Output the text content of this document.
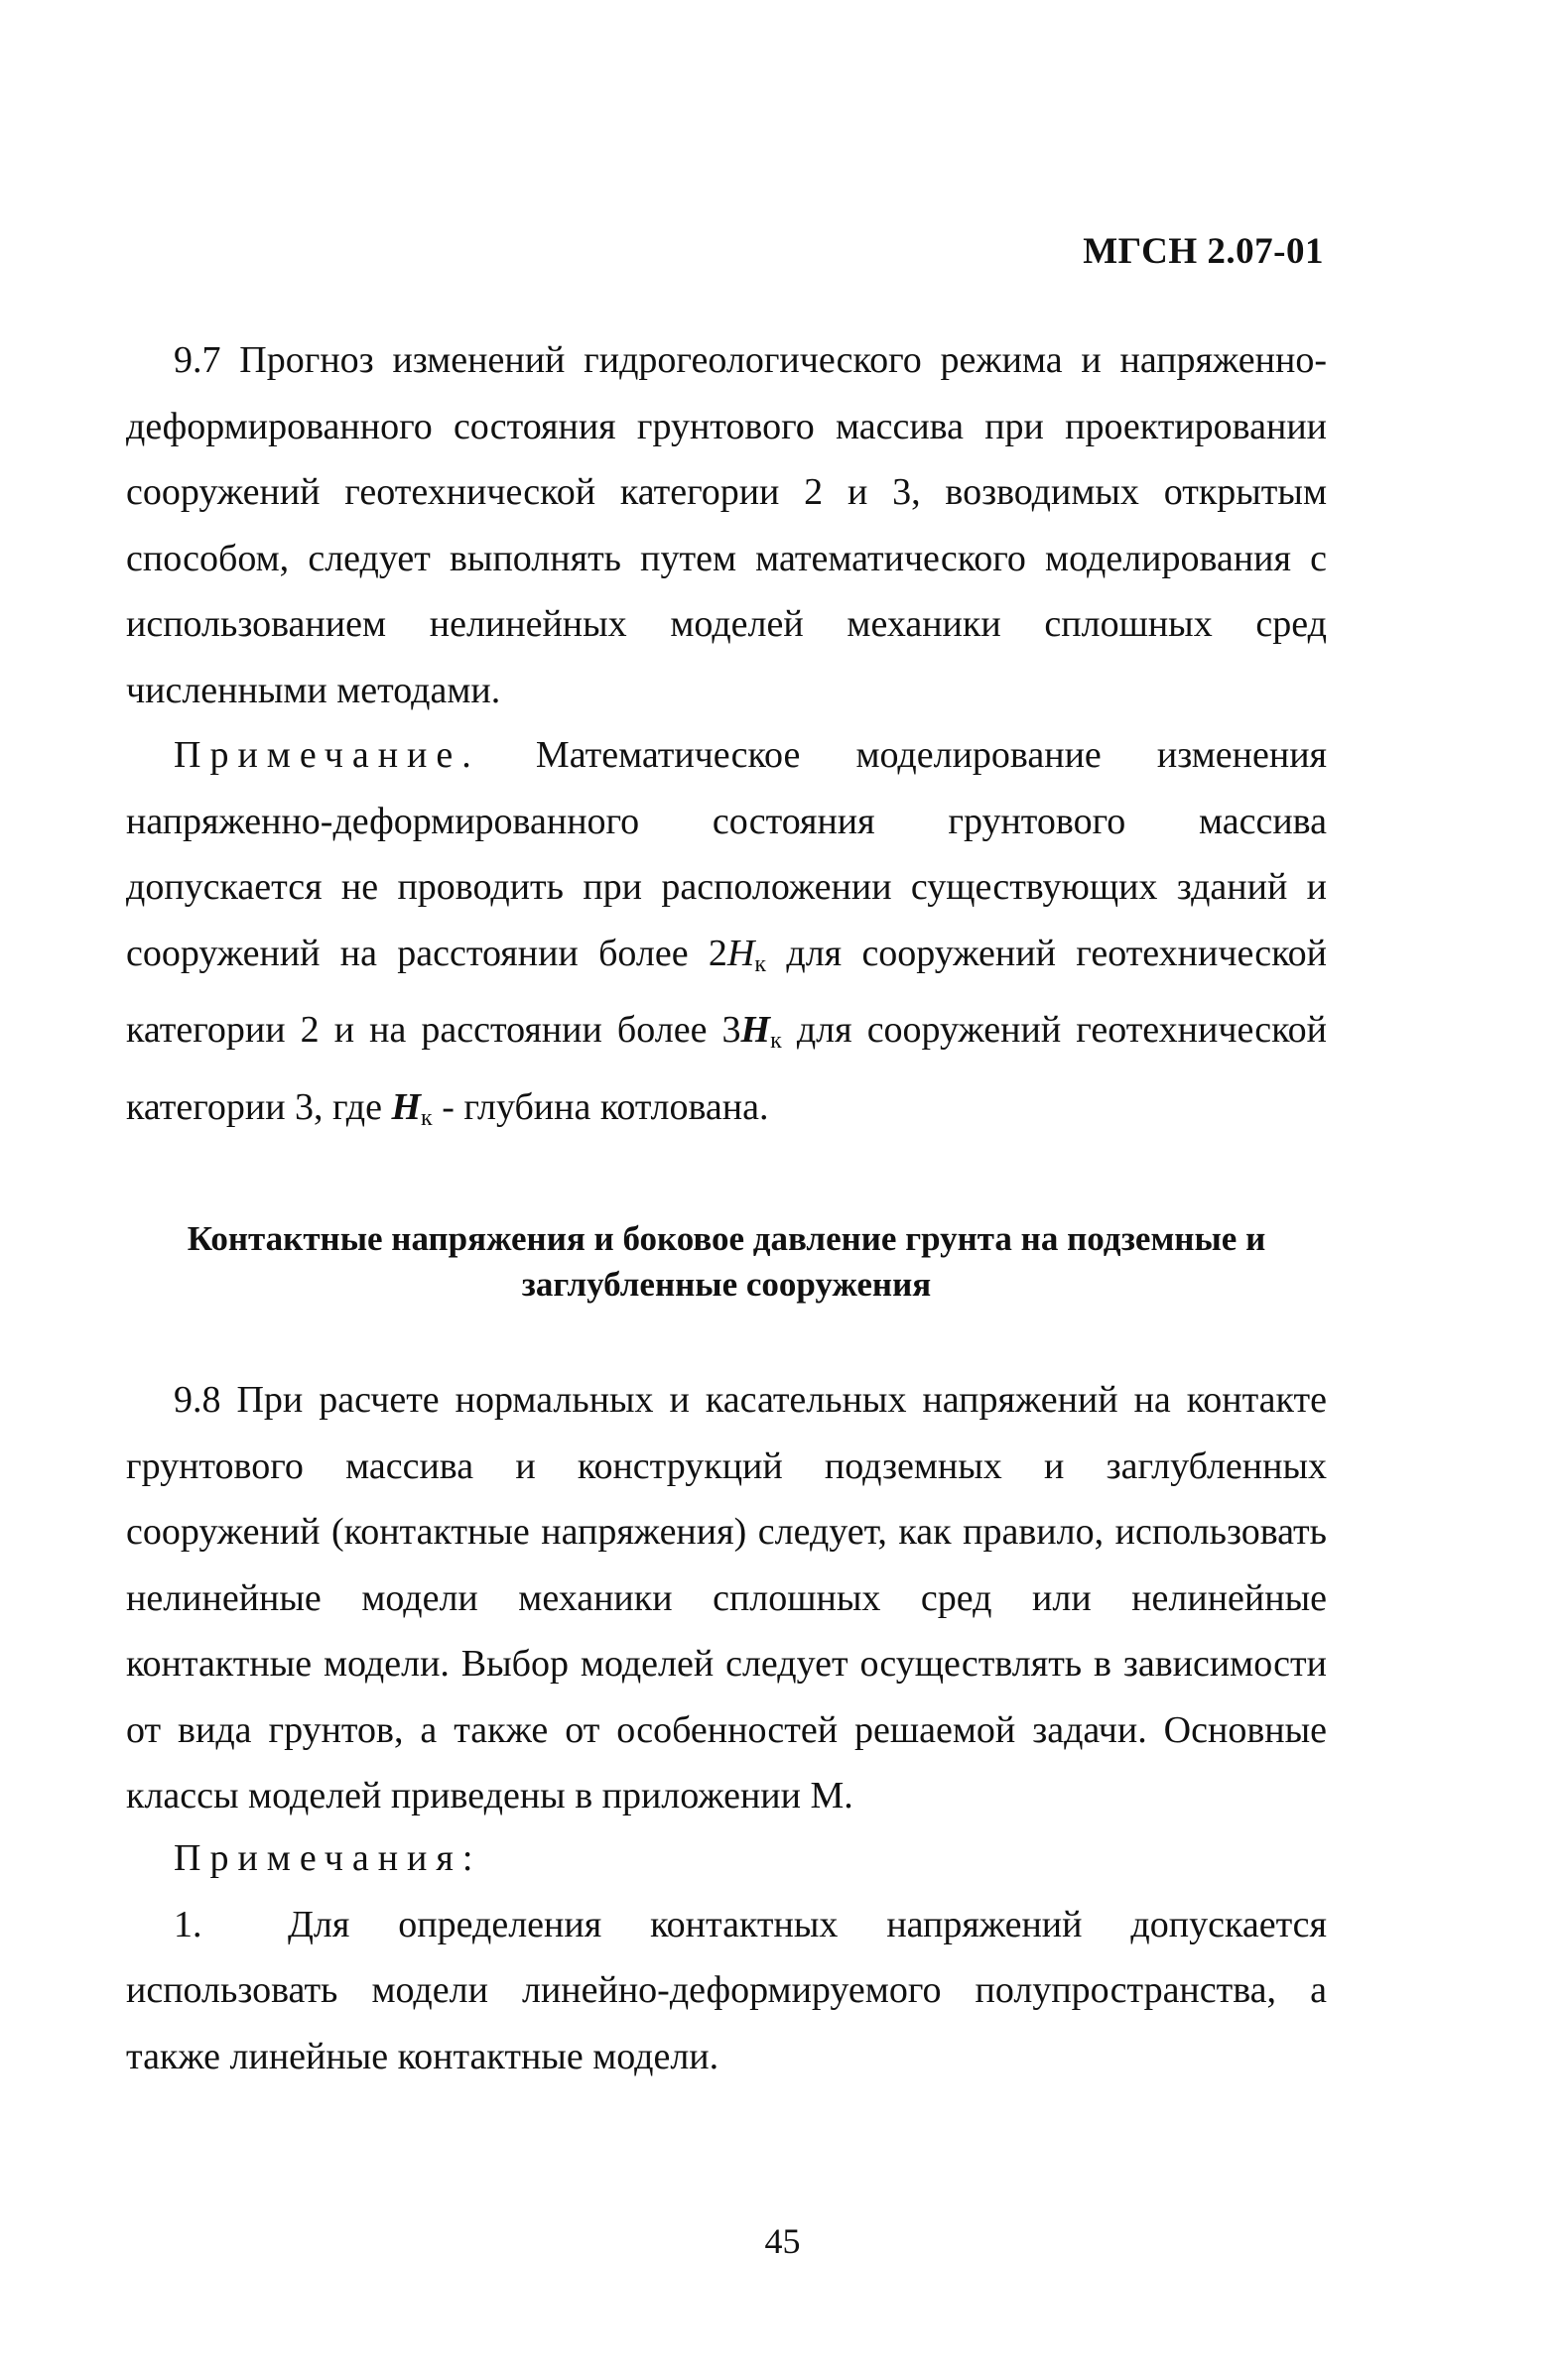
МГСН 2.07-01

9.7 Прогноз изменений гидрогеологического режима и напряженно-деформированного состояния грунтового массива при проектировании сооружений геотехнической категории 2 и 3, возводимых открытым способом, следует выполнять путем математического моделирования с использованием нелинейных моделей механики сплошных сред численными методами.

Примечание. Математическое моделирование изменения напряженно-деформированного состояния грунтового массива допускается не проводить при расположении существующих зданий и сооружений на расстоянии более $2H_к$ для сооружений геотехнической категории 2 и на расстоянии более $3H_к$ для сооружений геотехнической категории 3, где $H_к$ - глубина котлована.

Контактные напряжения и боковое давление грунта на подземные и
заглубленные сооружения

9.8 При расчете нормальных и касательных напряжений на контакте грунтового массива и конструкций подземных и заглубленных сооружений (контактные напряжения) следует, как правило, использовать нелинейные модели механики сплошных сред или нелинейные контактные модели. Выбор моделей следует осуществлять в зависимости от вида грунтов, а также от особенностей решаемой задачи. Основные классы моделей приведены в приложении М.

Примечания:

1. Для определения контактных напряжений допускается использовать модели линейно-деформируемого полупространства, а также линейные контактные модели.

45
